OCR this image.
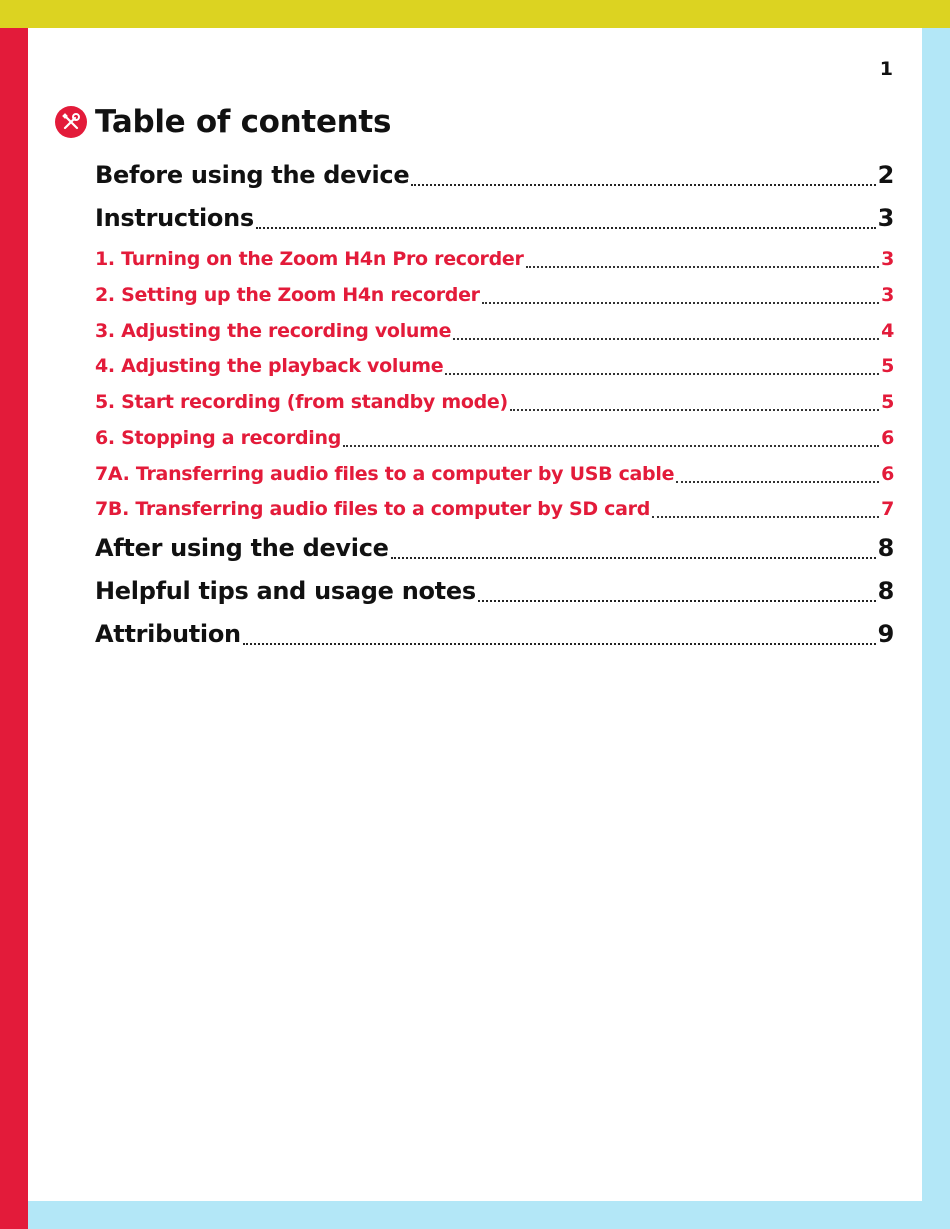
1
Table of contents
Before using the device	2
Instructions	3
1. Turning on the Zoom H4n Pro recorder	3
2. Setting up the Zoom H4n recorder	3
3. Adjusting the recording volume	4
4. Adjusting the playback volume	5
5. Start recording (from standby mode)	5
6. Stopping a recording	6
7A. Transferring audio files to a computer by USB cable	6
7B. Transferring audio files to a computer by SD card	7
After using the device	8
Helpful tips and usage notes	8
Attribution	9
